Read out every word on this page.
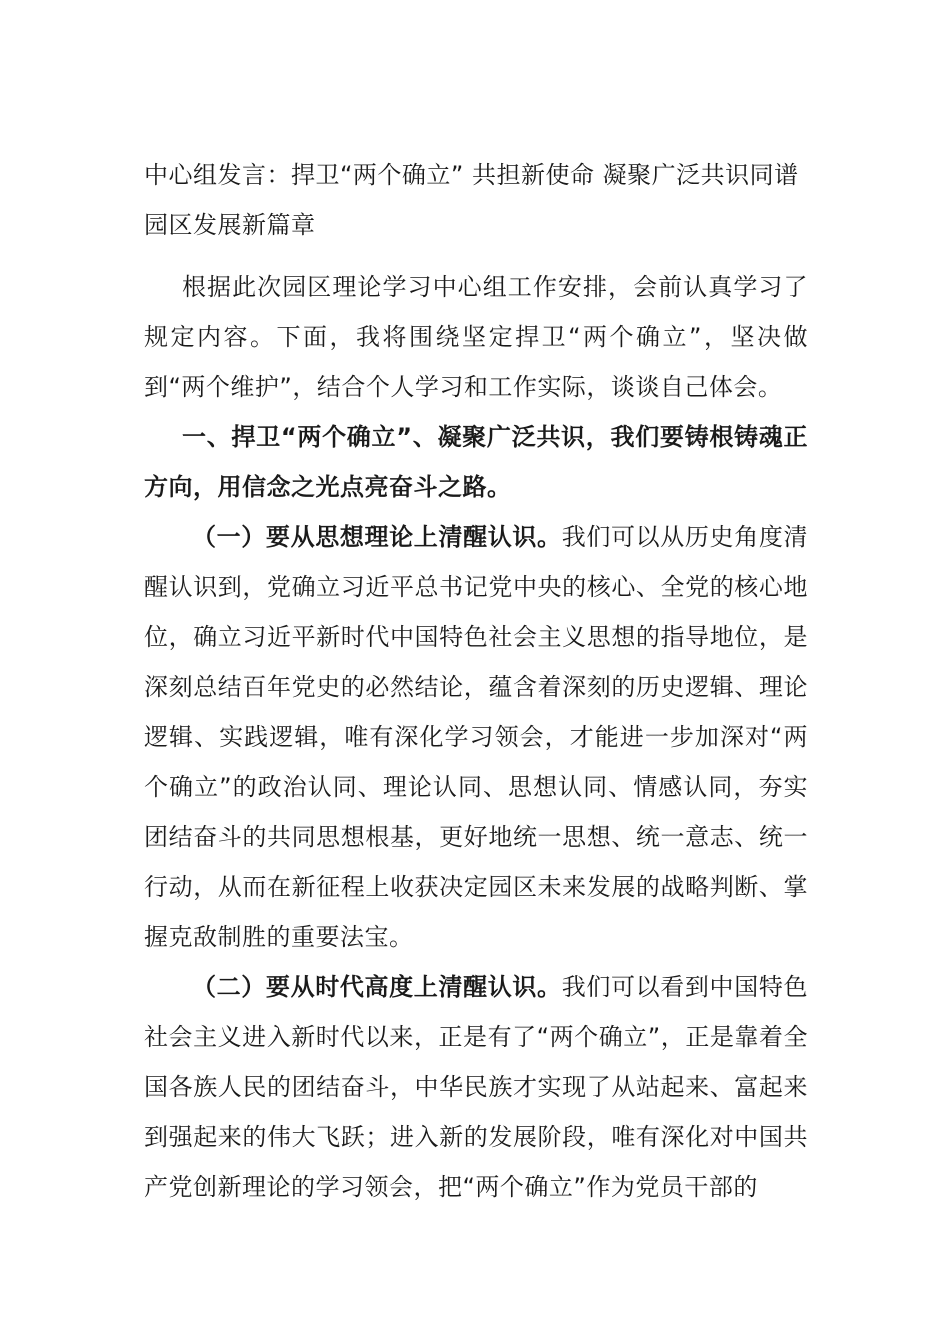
中心组发言：捍卫“两个确立” 共担新使命 凝聚广泛共识同谱园区发展新篇章

根据此次园区理论学习中心组工作安排，会前认真学习了规定内容。下面，我将围绕坚定捍卫“两个确立”，坚决做到“两个维护”，结合个人学习和工作实际，谈谈自己体会。

一、捍卫“两个确立”、凝聚广泛共识，我们要铸根铸魂正方向，用信念之光点亮奋斗之路。

（一）要从思想理论上清醒认识。我们可以从历史角度清醒认识到，党确立习近平总书记党中央的核心、全党的核心地位，确立习近平新时代中国特色社会主义思想的指导地位，是深刻总结百年党史的必然结论，蕴含着深刻的历史逻辑、理论逻辑、实践逻辑，唯有深化学习领会，才能进一步加深对“两个确立”的政治认同、理论认同、思想认同、情感认同，夯实团结奋斗的共同思想根基，更好地统一思想、统一意志、统一行动，从而在新征程上收获决定园区未来发展的战略判断、掌握克敌制胜的重要法宝。

（二）要从时代高度上清醒认识。我们可以看到中国特色社会主义进入新时代以来，正是有了“两个确立”，正是靠着全国各族人民的团结奋斗，中华民族才实现了从站起来、富起来到强起来的伟大飞跃；进入新的发展阶段，唯有深化对中国共产党创新理论的学习领会，把“两个确立”作为党员干部的
